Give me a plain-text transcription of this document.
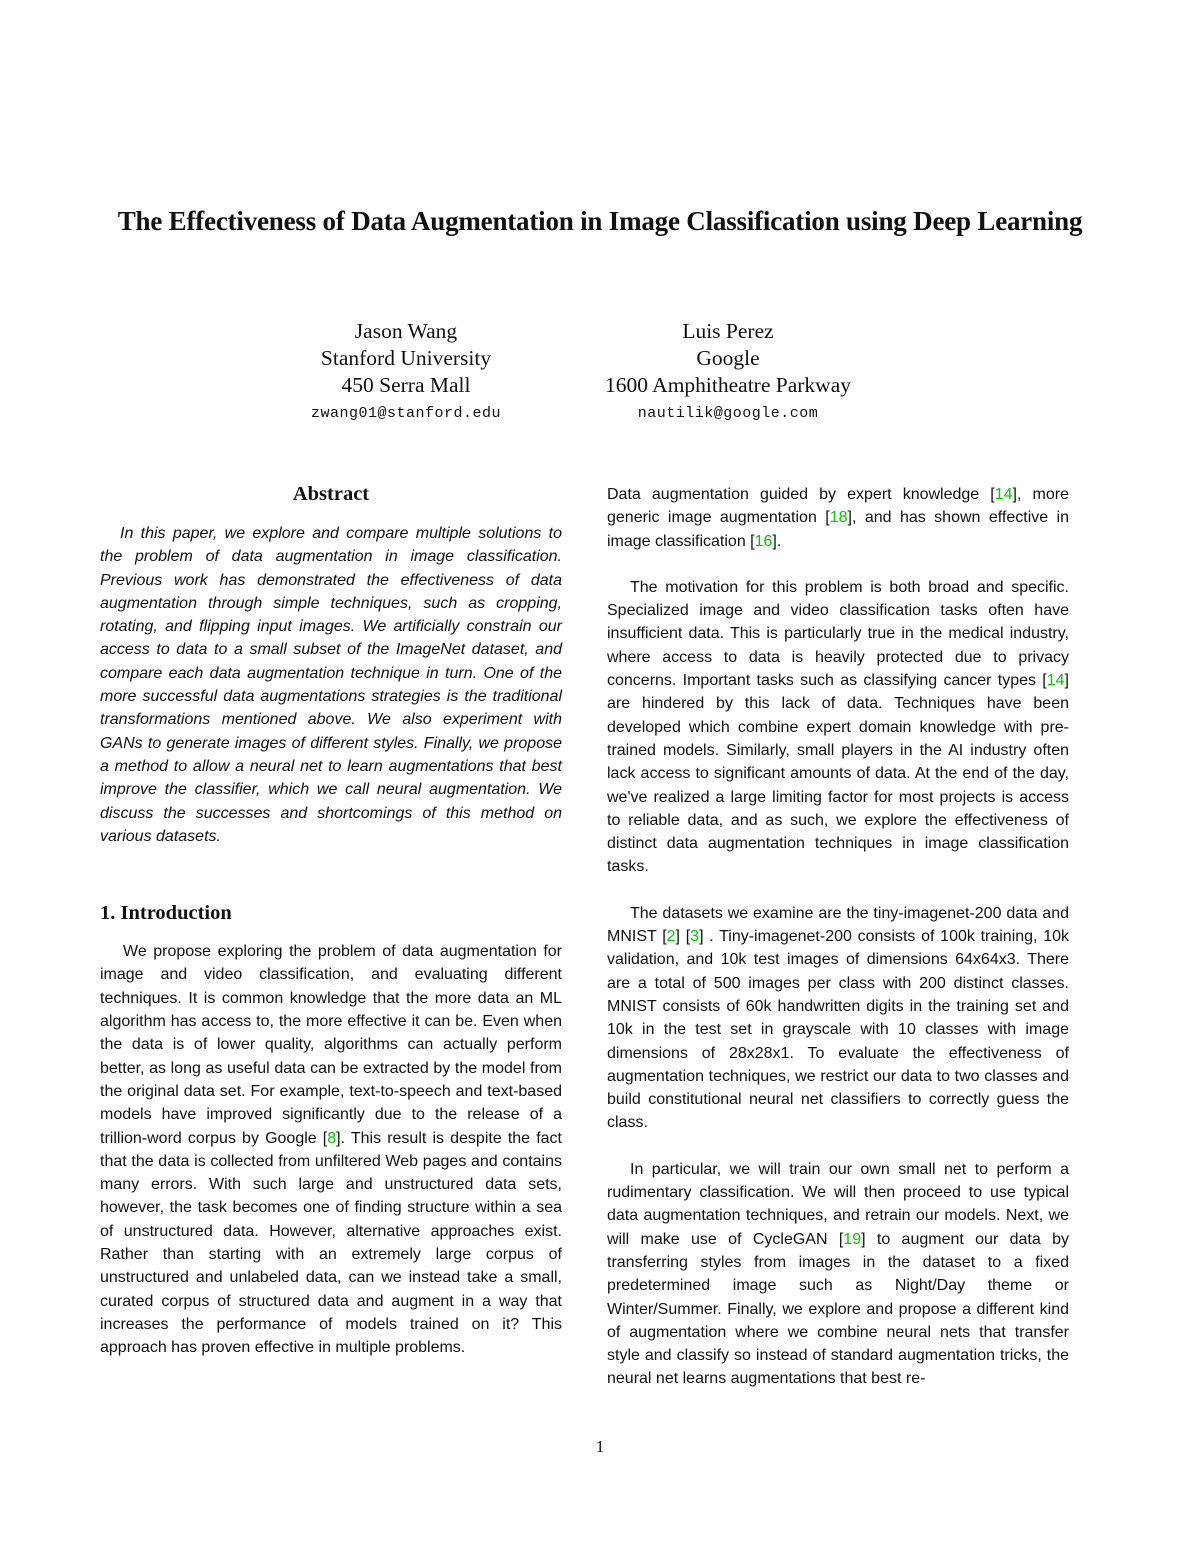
The Effectiveness of Data Augmentation in Image Classification using Deep Learning
Jason Wang
Stanford University
450 Serra Mall
zwang01@stanford.edu
Luis Perez
Google
1600 Amphitheatre Parkway
nautilik@google.com
Abstract

In this paper, we explore and compare multiple solutions to the problem of data augmentation in image classification. Previous work has demonstrated the effectiveness of data augmentation through simple techniques, such as cropping, rotating, and flipping input images. We artificially constrain our access to data to a small subset of the ImageNet dataset, and compare each data augmentation technique in turn. One of the more successful data augmentations strategies is the traditional transformations mentioned above. We also experiment with GANs to generate images of different styles. Finally, we propose a method to allow a neural net to learn augmentations that best improve the classifier, which we call neural augmentation. We discuss the successes and shortcomings of this method on various datasets.

1. Introduction

We propose exploring the problem of data augmentation for image and video classification, and evaluating different techniques. It is common knowledge that the more data an ML algorithm has access to, the more effective it can be. Even when the data is of lower quality, algorithms can actually perform better, as long as useful data can be extracted by the model from the original data set. For example, text-to-speech and text-based models have improved significantly due to the release of a trillion-word corpus by Google [8]. This result is despite the fact that the data is collected from unfiltered Web pages and contains many errors. With such large and unstructured data sets, however, the task becomes one of finding structure within a sea of unstructured data. However, alternative approaches exist. Rather than starting with an extremely large corpus of unstructured and unlabeled data, can we instead take a small, curated corpus of structured data and augment in a way that increases the performance of models trained on it? This approach has proven effective in multiple problems.

Data augmentation guided by expert knowledge [14], more generic image augmentation [18], and has shown effective in image classification [16].

The motivation for this problem is both broad and specific. Specialized image and video classification tasks often have insufficient data. This is particularly true in the medical industry, where access to data is heavily protected due to privacy concerns. Important tasks such as classifying cancer types [14] are hindered by this lack of data. Techniques have been developed which combine expert domain knowledge with pre-trained models. Similarly, small players in the AI industry often lack access to significant amounts of data. At the end of the day, we've realized a large limiting factor for most projects is access to reliable data, and as such, we explore the effectiveness of distinct data augmentation techniques in image classification tasks.

The datasets we examine are the tiny-imagenet-200 data and MNIST [2] [3] . Tiny-imagenet-200 consists of 100k training, 10k validation, and 10k test images of dimensions 64x64x3. There are a total of 500 images per class with 200 distinct classes. MNIST consists of 60k handwritten digits in the training set and 10k in the test set in grayscale with 10 classes with image dimensions of 28x28x1. To evaluate the effectiveness of augmentation techniques, we restrict our data to two classes and build constitutional neural net classifiers to correctly guess the class.

In particular, we will train our own small net to perform a rudimentary classification. We will then proceed to use typical data augmentation techniques, and retrain our models. Next, we will make use of CycleGAN [19] to augment our data by transferring styles from images in the dataset to a fixed predetermined image such as Night/Day theme or Winter/Summer. Finally, we explore and propose a different kind of augmentation where we combine neural nets that transfer style and classify so instead of standard augmentation tricks, the neural net learns augmentations that best re-

1
